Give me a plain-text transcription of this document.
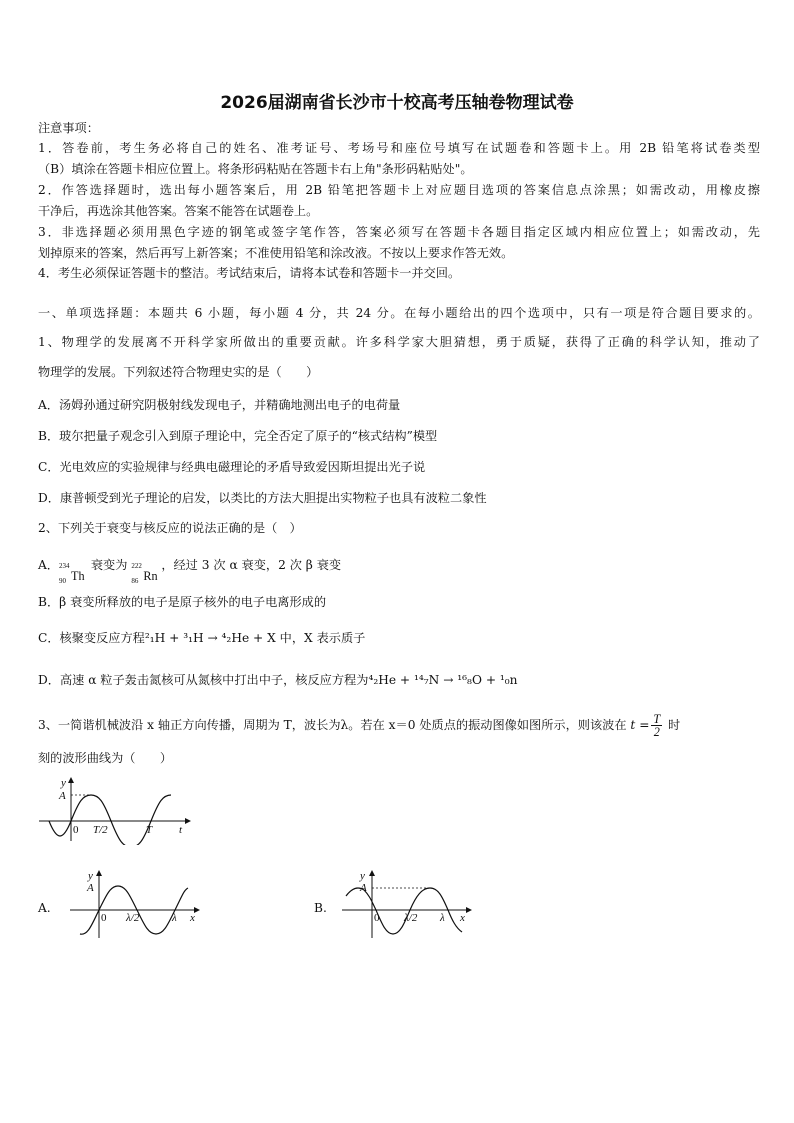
2026届湖南省长沙市十校高考压轴卷物理试卷
注意事项：
1．答卷前，考生务必将自己的姓名、准考证号、考场号和座位号填写在试题卷和答题卡上。用 2B 铅笔将试卷类型
（B）填涂在答题卡相应位置上。将条形码粘贴在答题卡右上角"条形码粘贴处"。
2．作答选择题时，选出每小题答案后，用 2B 铅笔把答题卡上对应题目选项的答案信息点涂黑；如需改动，用橡皮擦
干净后，再选涂其他答案。答案不能答在试题卷上。
3．非选择题必须用黑色字迹的钢笔或签字笔作答，答案必须写在答题卡各题目指定区域内相应位置上；如需改动，先
划掉原来的答案，然后再写上新答案；不准使用铅笔和涂改液。不按以上要求作答无效。
4．考生必须保证答题卡的整洁。考试结束后，请将本试卷和答题卡一并交回。
一、单项选择题：本题共 6 小题，每小题 4 分，共 24 分。在每小题给出的四个选项中，只有一项是符合题目要求的。
1、物理学的发展离不开科学家所做出的重要贡献。许多科学家大胆猜想，勇于质疑，获得了正确的科学认知，推动了
物理学的发展。下列叙述符合物理史实的是（　　）
A．汤姆孙通过研究阴极射线发现电子，并精确地测出电子的电荷量
B．玻尔把量子观念引入到原子理论中，完全否定了原子的“核式结构”模型
C．光电效应的实验规律与经典电磁理论的矛盾导致爱因斯坦提出光子说
D．康普顿受到光子理论的启发，以类比的方法大胆提出实物粒子也具有波粒二象性
2、下列关于衰变与核反应的说法正确的是（　）
A． 234
90 Th
衰变为 222
86 Rn
，经过 3 次 α 衰变，2 次 β 衰变
B．β 衰变所释放的电子是原子核外的电子电离形成的
C．核聚变反应方程²₁H + ³₁H → ⁴₂He + X 中，X 表示质子
D．高速 α 粒子轰击氮核可从氮核中打出中子，核反应方程为⁴₂He + ¹⁴₇N → ¹⁶₈O + ¹₀n
3、一简谐机械波沿 x 轴正方向传播，周期为 T，波长为λ。若在 x＝0 处质点的振动图像如图所示，则该波在 $t = \frac{T}{2}$ 时
刻的波形曲线为（　　）
y
A
0 T/2	T t
A.
y
A
0 λ/2	λ x
B.
y
A
0 λ/2 λ x
